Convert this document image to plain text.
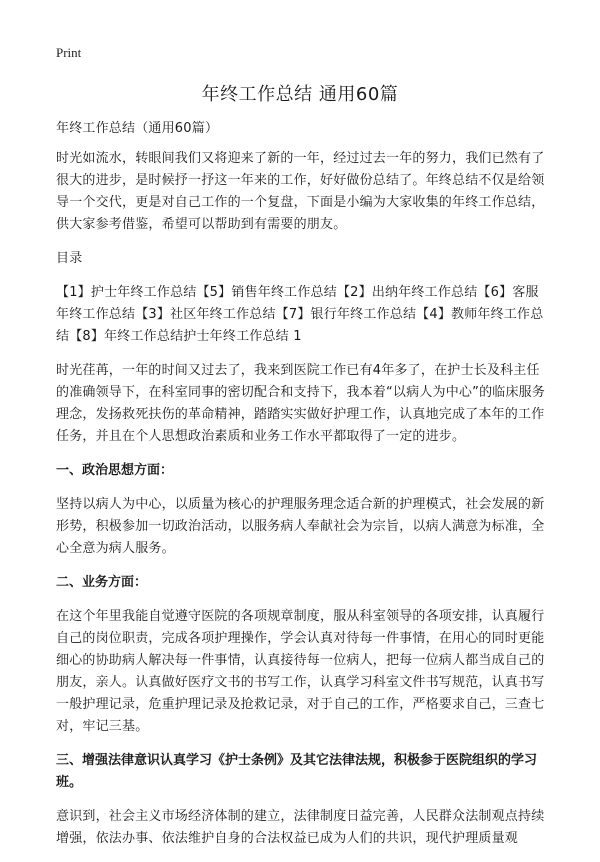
Print
年终工作总结 通用60篇

年终工作总结（通用60篇）

时光如流水，转眼间我们又将迎来了新的一年，经过过去一年的努力，我们已然有了很大的进步，是时候抒一抒这一年来的工作，好好做份总结了。年终总结不仅是给领导一个交代，更是对自己工作的一个复盘，下面是小编为大家收集的年终工作总结，供大家参考借鉴，希望可以帮助到有需要的朋友。

目录

【1】护士年终工作总结【5】销售年终工作总结【2】出纳年终工作总结【6】客服年终工作总结【3】社区年终工作总结【7】银行年终工作总结【4】教师年终工作总结【8】年终工作总结护士年终工作总结 1

时光荏苒，一年的时间又过去了，我来到医院工作已有4年多了，在护士长及科主任的准确领导下，在科室同事的密切配合和支持下，我本着“以病人为中心”的临床服务理念，发扬救死扶伤的革命精神，踏踏实实做好护理工作，认真地完成了本年的工作任务，并且在个人思想政治素质和业务工作水平都取得了一定的进步。

一、政治思想方面：

坚持以病人为中心，以质量为核心的护理服务理念适合新的护理模式，社会发展的新形势，积极参加一切政治活动，以服务病人奉献社会为宗旨，以病人满意为标准，全心全意为病人服务。

二、业务方面：

在这个年里我能自觉遵守医院的各项规章制度，服从科室领导的各项安排，认真履行自己的岗位职责，完成各项护理操作，学会认真对待每一件事情，在用心的同时更能细心的协助病人解决每一件事情，认真接待每一位病人，把每一位病人都当成自己的朋友，亲人。认真做好医疗文书的书写工作，认真学习科室文件书写规范，认真书写一般护理记录，危重护理记录及抢救记录，对于自己的工作，严格要求自己，三查七对，牢记三基。

三、增强法律意识认真学习《护士条例》及其它法律法规，积极参于医院组织的学习班。

意识到，社会主义市场经济体制的建立，法律制度日益完善，人民群众法制观点持续增强，依法办事、依法维护自身的合法权益已成为人们的共识，现代护理质量观
